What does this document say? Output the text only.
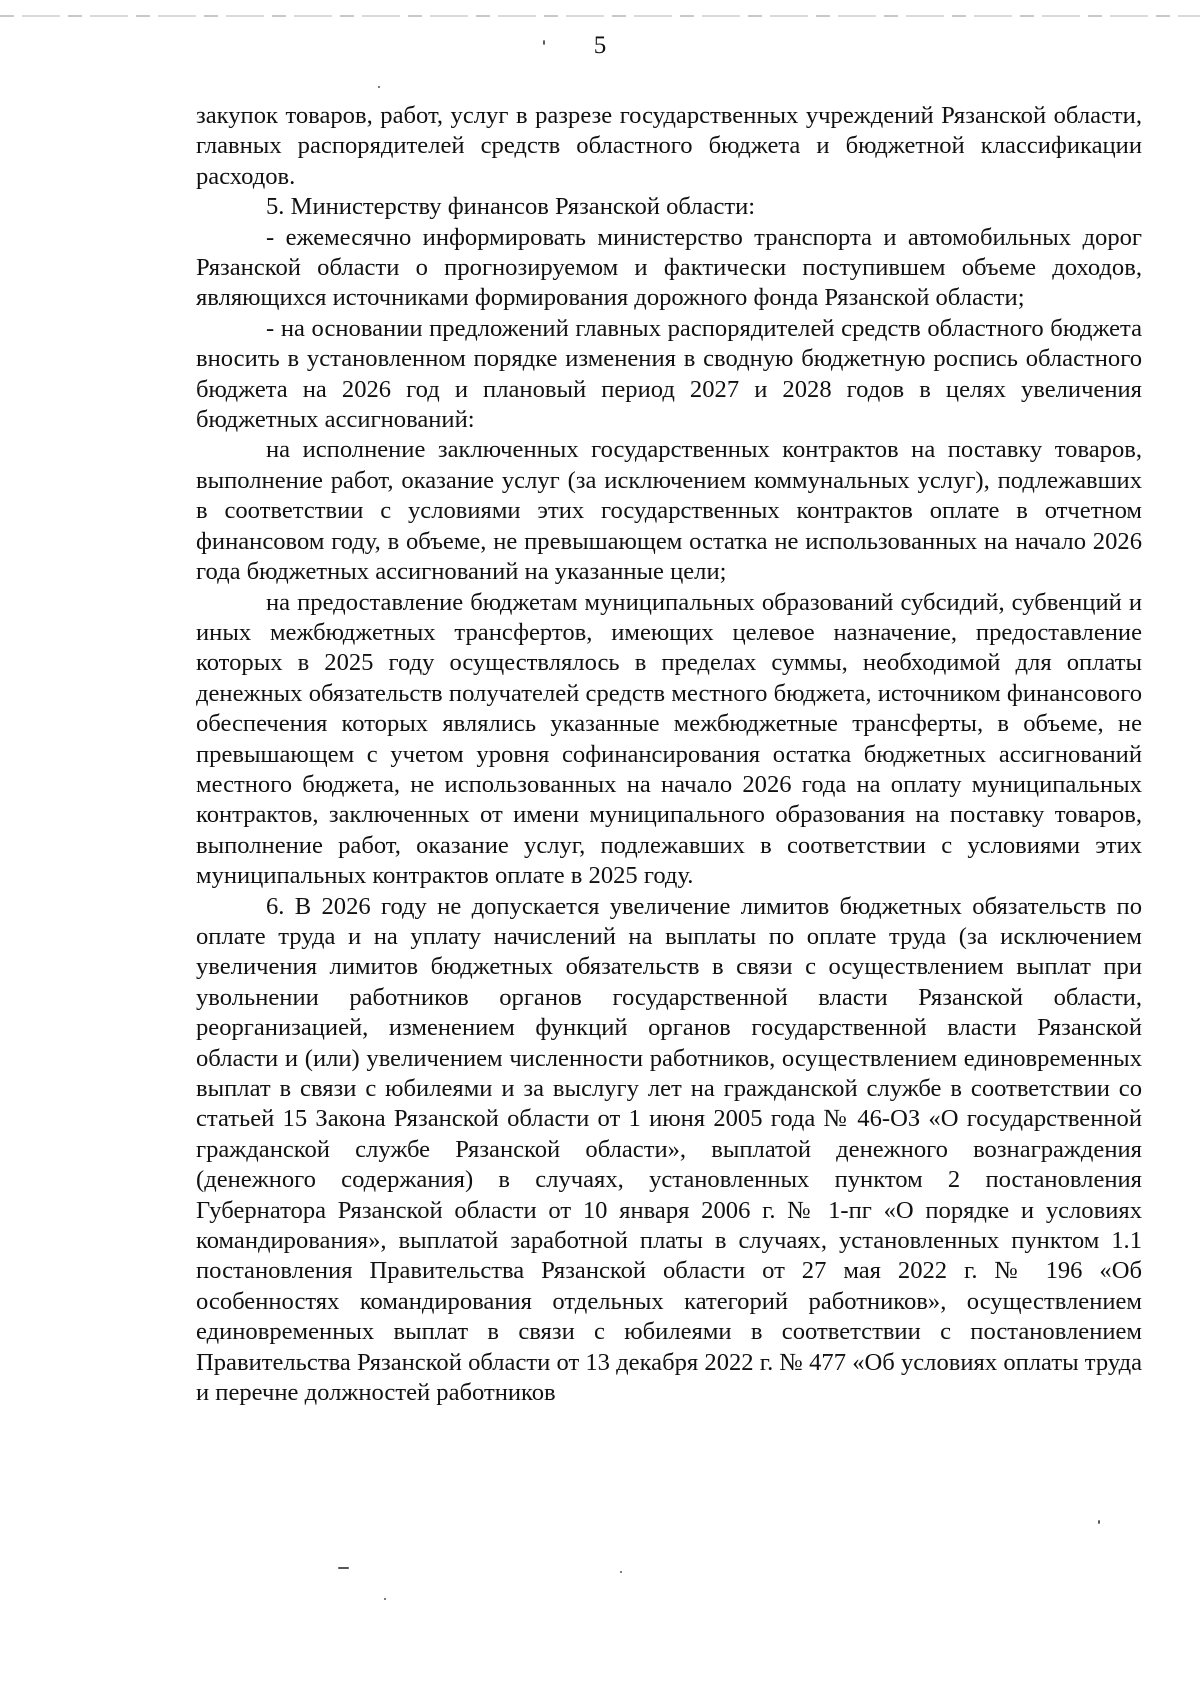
5

закупок товаров, работ, услуг в разрезе государственных учреждений Рязанской области, главных распорядителей средств областного бюджета и бюджетной классификации расходов.

5. Министерству финансов Рязанской области:

- ежемесячно информировать министерство транспорта и автомобильных дорог Рязанской области о прогнозируемом и фактически поступившем объеме доходов, являющихся источниками формирования дорожного фонда Рязанской области;

- на основании предложений главных распорядителей средств областного бюджета вносить в установленном порядке изменения в сводную бюджетную роспись областного бюджета на 2026 год и плановый период 2027 и 2028 годов в целях увеличения бюджетных ассигнований:

на исполнение заключенных государственных контрактов на поставку товаров, выполнение работ, оказание услуг (за исключением коммунальных услуг), подлежавших в соответствии с условиями этих государственных контрактов оплате в отчетном финансовом году, в объеме, не превышающем остатка не использованных на начало 2026 года бюджетных ассигнований на указанные цели;

на предоставление бюджетам муниципальных образований субсидий, субвенций и иных межбюджетных трансфертов, имеющих целевое назначение, предоставление которых в 2025 году осуществлялось в пределах суммы, необходимой для оплаты денежных обязательств получателей средств местного бюджета, источником финансового обеспечения которых являлись указанные межбюджетные трансферты, в объеме, не превышающем с учетом уровня софинансирования остатка бюджетных ассигнований местного бюджета, не использованных на начало 2026 года на оплату муниципальных контрактов, заключенных от имени муниципального образования на поставку товаров, выполнение работ, оказание услуг, подлежавших в соответствии с условиями этих муниципальных контрактов оплате в 2025 году.

6. В 2026 году не допускается увеличение лимитов бюджетных обязательств по оплате труда и на уплату начислений на выплаты по оплате труда (за исключением увеличения лимитов бюджетных обязательств в связи с осуществлением выплат при увольнении работников органов государственной власти Рязанской области, реорганизацией, изменением функций органов государственной власти Рязанской области и (или) увеличением численности работников, осуществлением единовременных выплат в связи с юбилеями и за выслугу лет на гражданской службе в соответствии со статьей 15 Закона Рязанской области от 1 июня 2005 года № 46-ОЗ «О государственной гражданской службе Рязанской области», выплатой денежного вознаграждения (денежного содержания) в случаях, установленных пунктом 2 постановления Губернатора Рязанской области от 10 января 2006 г. № 1-пг «О порядке и условиях командирования», выплатой заработной платы в случаях, установленных пунктом 1.1 постановления Правительства Рязанской области от 27 мая 2022 г. № 196 «Об особенностях командирования отдельных категорий работников», осуществлением единовременных выплат в связи с юбилеями в соответствии с постановлением Правительства Рязанской области от 13 декабря 2022 г. № 477 «Об условиях оплаты труда и перечне должностей работников
